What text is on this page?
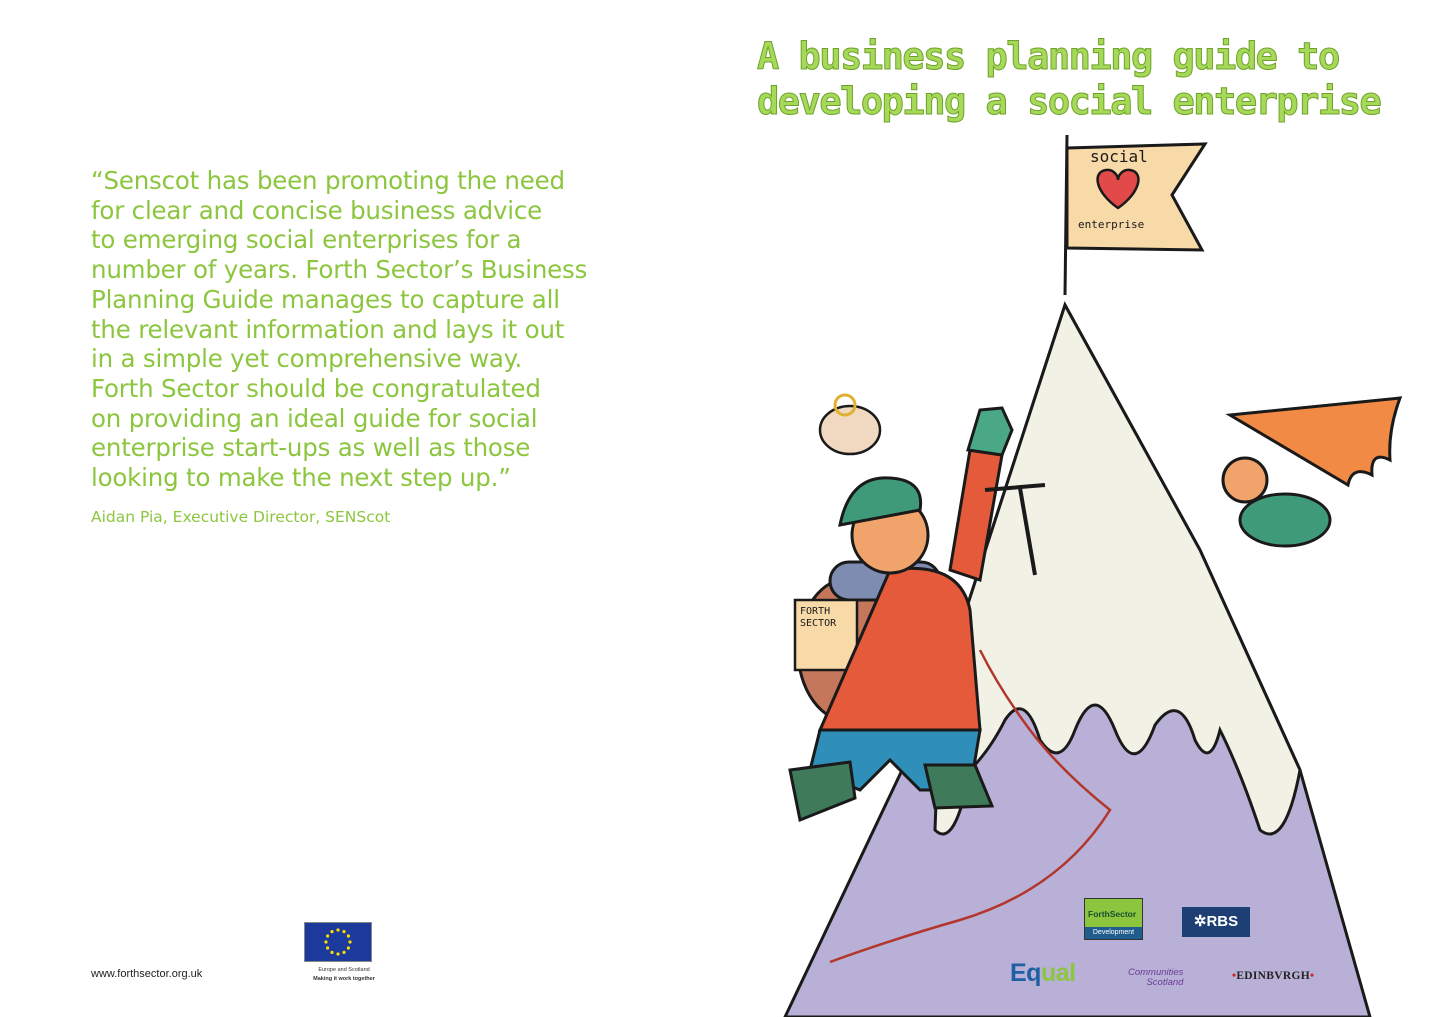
“Senscot has been promoting the need
for clear and concise business advice
to emerging social enterprises for a
number of years. Forth Sector’s Business
Planning Guide manages to capture all
the relevant information and lays it out
in a simple yet comprehensive way.
Forth Sector should be congratulated
on providing an ideal guide for social
enterprise start-ups as well as those
looking to make the next step up.”
Aidan Pia, Executive Director, SENScot
www.forthsector.org.uk	Europe and Scotland
Making it work together
A business planning guide to
developing a social enterprise
social
enterprise
FORTH
SECTOR
ForthSector
Development
✲RBS
Equal	Communities
Scotland
•EDINBVRGH•
